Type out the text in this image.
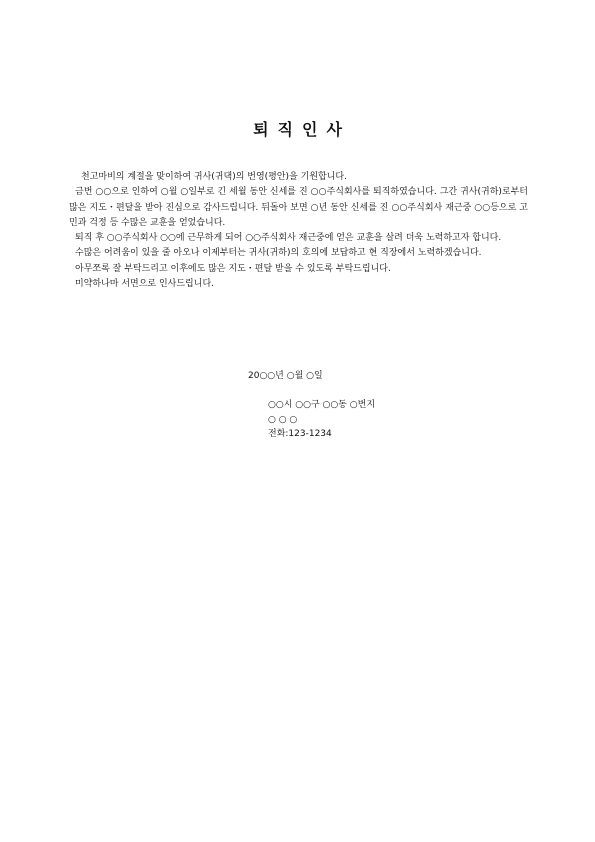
퇴직인사

천고마비의 계절을 맞이하여 귀사(귀댁)의 번영(평안)을 기원합니다.

금번 ○○으로 인하여 ○월 ○일부로 긴 세월 동안 신세를 진 ○○주식회사를 퇴직하였습니다. 그간 귀사(귀하)로부터 많은 지도・편달을 받아 진심으로 감사드립니다. 뒤돌아 보면 ○년 동안 신세를 진 ○○주식회사 재근중 ○○등으로 고민과 걱정 등 수많은 교훈을 얻었습니다.

퇴직 후 ○○주식회사 ○○에 근무하게 되어 ○○주식회사 재근중에 얻은 교훈을 살려 더욱 노력하고자 합니다.

수많은 어려움이 있을 줄 아오나 이제부터는 귀사(귀하)의 호의에 보답하고 현 직장에서 노력하겠습니다.

아무쪼록 잘 부탁드리고 이후에도 많은 지도・편달 받을 수 있도록 부탁드립니다.

미약하나마 서면으로 인사드립니다.

20○○년 ○월 ○일
○○시 ○○구 ○○동 ○번지
○ ○ ○
전화:123-1234
